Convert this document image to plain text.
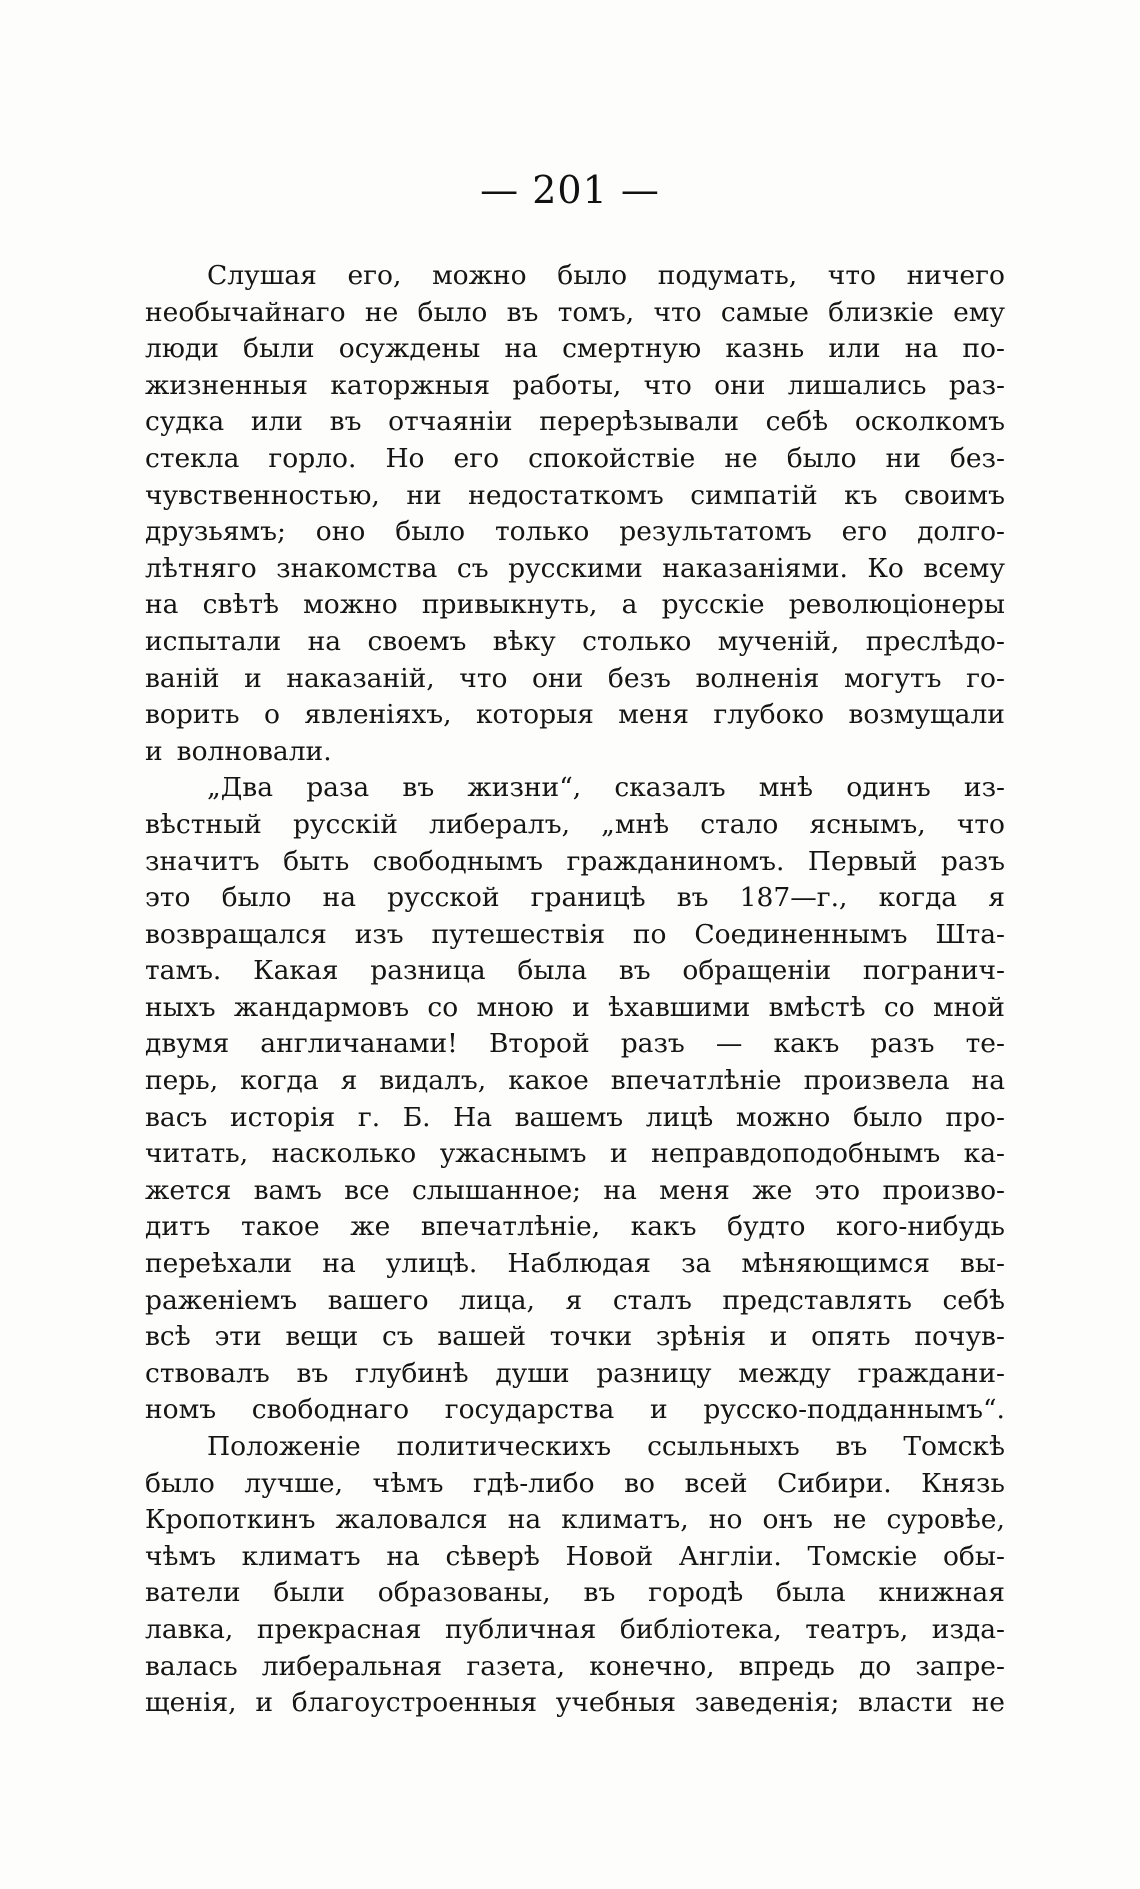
— 201 —
Слушая его, можно было подумать, что ничего
необычайнаго не было въ томъ, что самые близкіе ему
люди были осуждены на смертную казнь или на по-
жизненныя каторжныя работы, что они лишались раз-
судка или въ отчаяніи перерѣзывали себѣ осколкомъ
стекла горло. Но его спокойствіе не было ни без-
чувственностью, ни недостаткомъ симпатій къ своимъ
друзьямъ; оно было только результатомъ его долго-
лѣтняго знакомства съ русскими наказаніями. Ко всему
на свѣтѣ можно привыкнуть, а русскіе революціонеры
испытали на своемъ вѣку столько мученій, преслѣдо-
ваній и наказаній, что они безъ волненія могутъ го-
ворить о явленіяхъ, которыя меня глубоко возмущали
и волновали.
„Два раза въ жизни“, сказалъ мнѣ одинъ из-
вѣстный русскій либералъ, „мнѣ стало яснымъ, что
значитъ быть свободнымъ гражданиномъ. Первый разъ
это было на русской границѣ въ 187—г., когда я
возвращался изъ путешествія по Соединеннымъ Шта-
тамъ. Какая разница была въ обращеніи погранич-
ныхъ жандармовъ со мною и ѣхавшими вмѣстѣ со мной
двумя англичанами! Второй разъ — какъ разъ те-
перь, когда я видалъ, какое впечатлѣніе произвела на
васъ исторія г. Б. На вашемъ лицѣ можно было про-
читать, насколько ужаснымъ и неправдоподобнымъ ка-
жется вамъ все слышанное; на меня же это произво-
дитъ такое же впечатлѣніе, какъ будто кого-нибудь
переѣхали на улицѣ. Наблюдая за мѣняющимся вы-
раженіемъ вашего лица, я сталъ представлять себѣ
всѣ эти вещи съ вашей точки зрѣнія и опять почув-
ствовалъ въ глубинѣ души разницу между граждани-
номъ свободнаго государства и русско-подданнымъ“.
Положеніе политическихъ ссыльныхъ въ Томскѣ
было лучше, чѣмъ гдѣ-либо во всей Сибири. Князь
Кропоткинъ жаловался на климатъ, но онъ не суровѣе,
чѣмъ климатъ на сѣверѣ Новой Англіи. Томскіе обы-
ватели были образованы, въ городѣ была книжная
лавка, прекрасная публичная библіотека, театръ, изда-
валась либеральная газета, конечно, впредь до запре-
щенія, и благоустроенныя учебныя заведенія; власти не
